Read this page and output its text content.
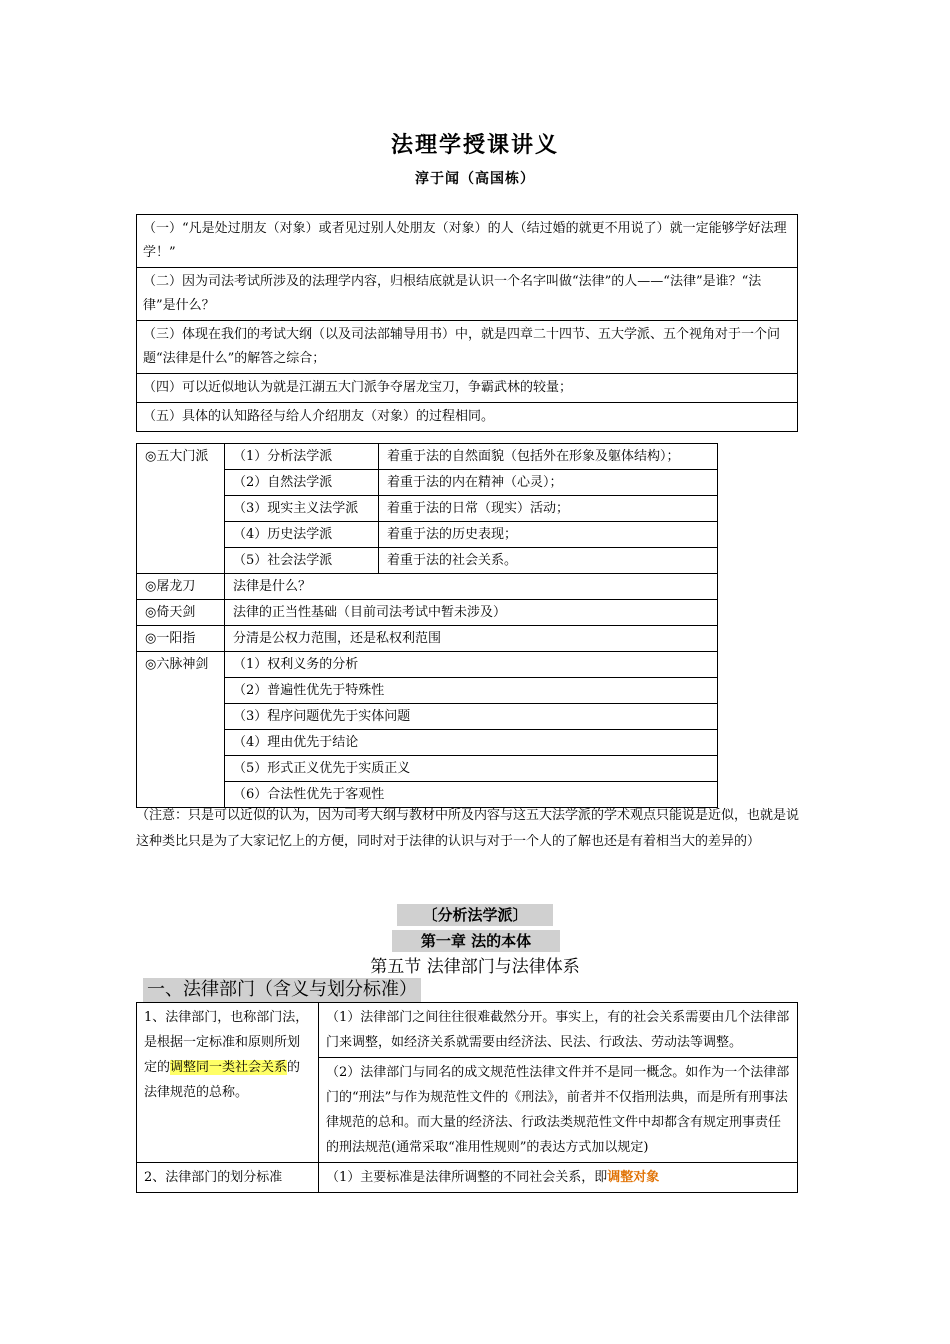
法理学授课讲义
淳于闻（高国栋）
（一）“凡是处过朋友（对象）或者见过别人处朋友（对象）的人（结过婚的就更不用说了）就一定能够学好法理学！”
（二）因为司法考试所涉及的法理学内容，归根结底就是认识一个名字叫做“法律”的人——“法律”是谁？“法律”是什么？
（三）体现在我们的考试大纲（以及司法部辅导用书）中，就是四章二十四节、五大学派、五个视角对于一个问题“法律是什么”的解答之综合；
（四）可以近似地认为就是江湖五大门派争夺屠龙宝刀，争霸武林的较量；
（五）具体的认知路径与给人介绍朋友（对象）的过程相同。
◎五大门派	（1）分析法学派	着重于法的自然面貌（包括外在形象及躯体结构）；
	（2）自然法学派	着重于法的内在精神（心灵）；
	（3）现实主义法学派	着重于法的日常（现实）活动；
	（4）历史法学派	着重于法的历史表现；
	（5）社会法学派	着重于法的社会关系。
◎屠龙刀	法律是什么？	
◎倚天剑	法律的正当性基础（目前司法考试中暂未涉及）	
◎一阳指	分清是公权力范围，还是私权利范围	
◎六脉神剑	（1）权利义务的分析	
	（2）普遍性优先于特殊性	
	（3）程序问题优先于实体问题	
	（4）理由优先于结论	
	（5）形式正义优先于实质正义	
	（6）合法性优先于客观性	
（注意：只是可以近似的认为，因为司考大纲与教材中所及内容与这五大法学派的学术观点只能说是近似，也就是说这种类比只是为了大家记忆上的方便，同时对于法律的认识与对于一个人的了解也还是有着相当大的差异的）
〔分析法学派〕
第一章 法的本体
第五节 法律部门与法律体系
一、法律部门（含义与划分标准）
1、法律部门，也称部门法，是根据一定标准和原则所划定的调整同一类社会关系的法律规范的总称。	（1）法律部门之间往往很难截然分开。事实上，有的社会关系需要由几个法律部门来调整，如经济关系就需要由经济法、民法、行政法、劳动法等调整。
	（2）法律部门与同名的成文规范性法律文件并不是同一概念。如作为一个法律部门的“刑法”与作为规范性文件的《刑法》，前者并不仅指刑法典，而是所有刑事法律规范的总和。而大量的经济法、行政法类规范性文件中却都含有规定刑事责任的刑法规范(通常采取“准用性规则”的表达方式加以规定)
2、法律部门的划分标准	（1）主要标准是法律所调整的不同社会关系，即调整对象
